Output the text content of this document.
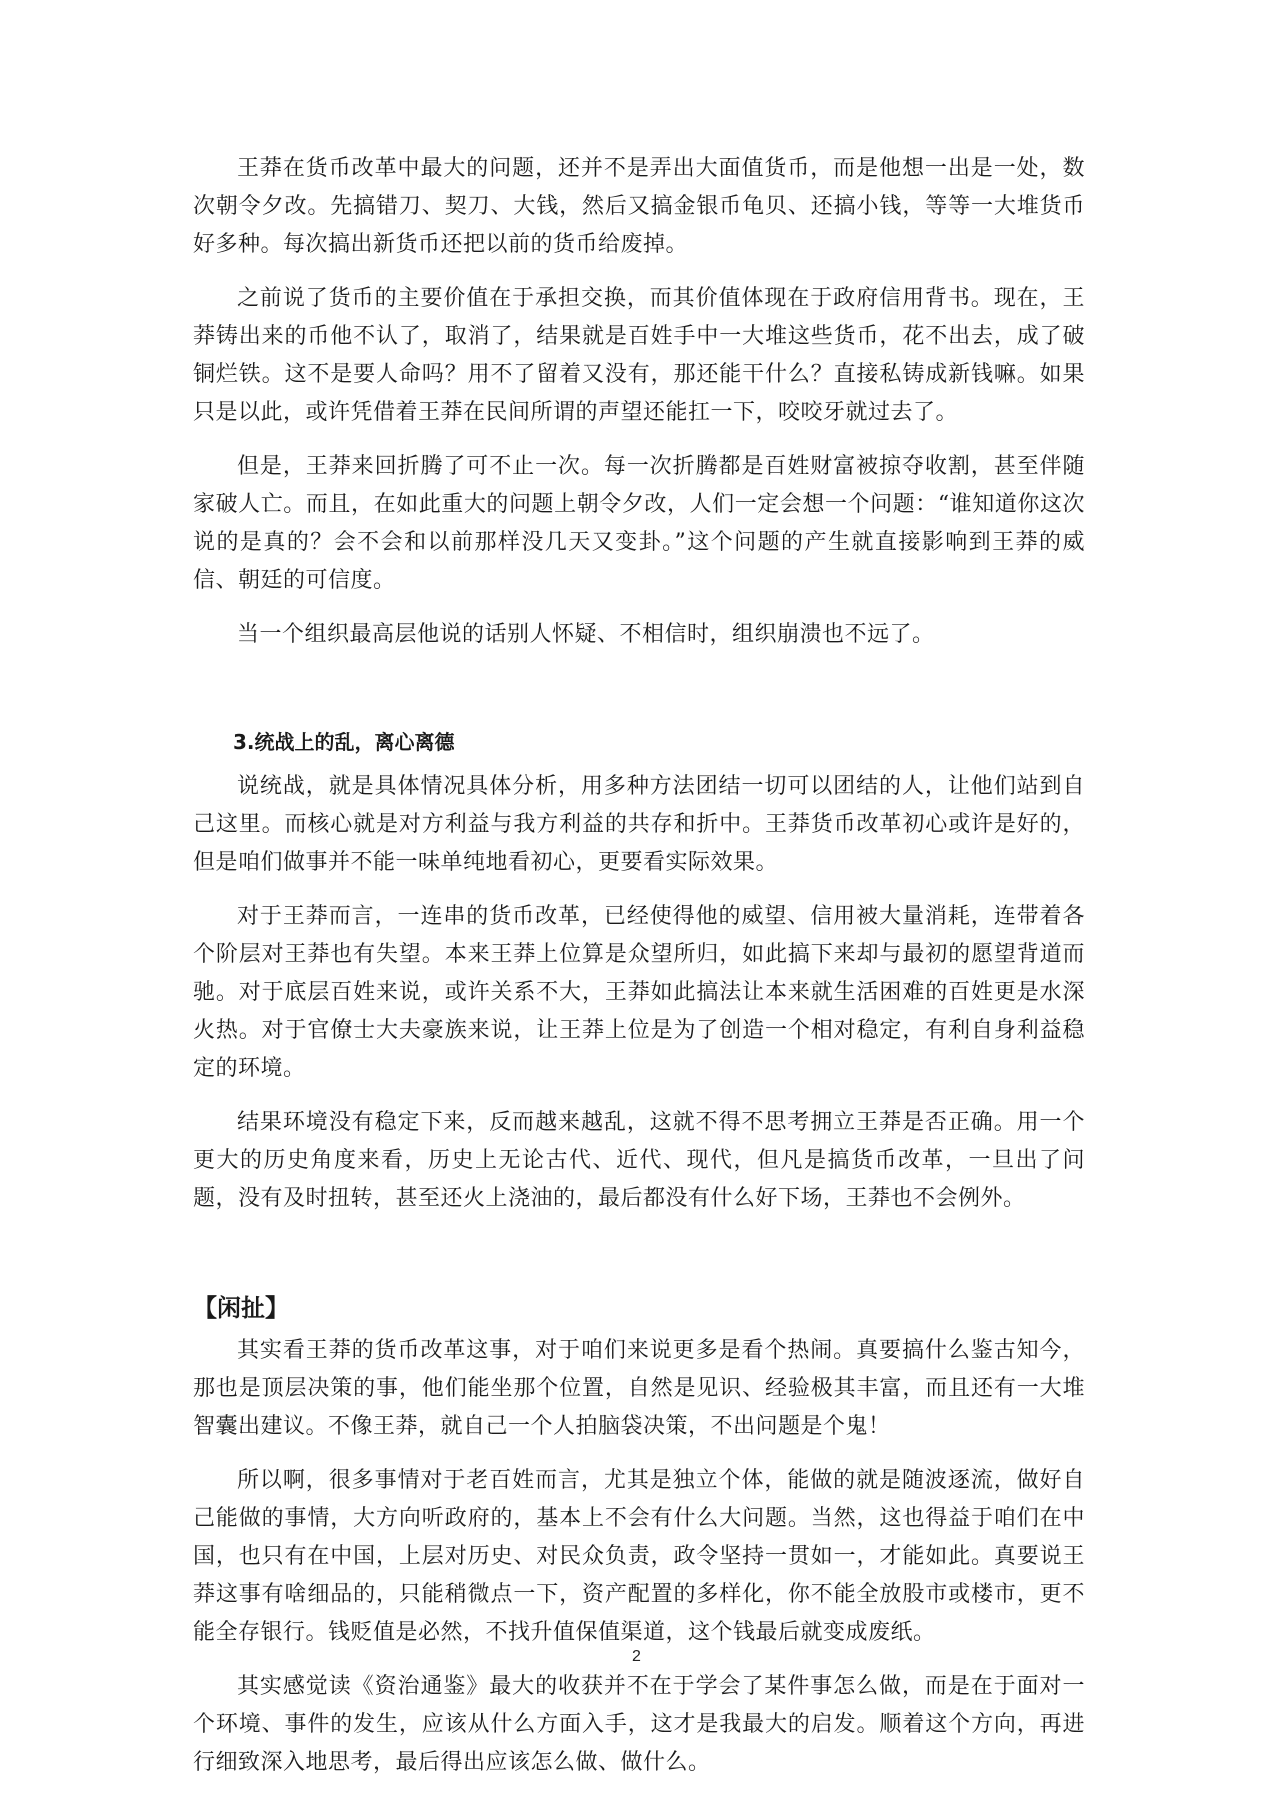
王莽在货币改革中最大的问题，还并不是弄出大面值货币，而是他想一出是一处，数次朝令夕改。先搞错刀、契刀、大钱，然后又搞金银币龟贝、还搞小钱，等等一大堆货币好多种。每次搞出新货币还把以前的货币给废掉。

之前说了货币的主要价值在于承担交换，而其价值体现在于政府信用背书。现在，王莽铸出来的币他不认了，取消了，结果就是百姓手中一大堆这些货币，花不出去，成了破铜烂铁。这不是要人命吗？用不了留着又没有，那还能干什么？直接私铸成新钱嘛。如果只是以此，或许凭借着王莽在民间所谓的声望还能扛一下，咬咬牙就过去了。

但是，王莽来回折腾了可不止一次。每一次折腾都是百姓财富被掠夺收割，甚至伴随家破人亡。而且，在如此重大的问题上朝令夕改，人们一定会想一个问题：“谁知道你这次说的是真的？会不会和以前那样没几天又变卦。”这个问题的产生就直接影响到王莽的威信、朝廷的可信度。

当一个组织最高层他说的话别人怀疑、不相信时，组织崩溃也不远了。

3.统战上的乱，离心离德

说统战，就是具体情况具体分析，用多种方法团结一切可以团结的人，让他们站到自己这里。而核心就是对方利益与我方利益的共存和折中。王莽货币改革初心或许是好的，但是咱们做事并不能一味单纯地看初心，更要看实际效果。

对于王莽而言，一连串的货币改革，已经使得他的威望、信用被大量消耗，连带着各个阶层对王莽也有失望。本来王莽上位算是众望所归，如此搞下来却与最初的愿望背道而驰。对于底层百姓来说，或许关系不大，王莽如此搞法让本来就生活困难的百姓更是水深火热。对于官僚士大夫豪族来说，让王莽上位是为了创造一个相对稳定，有利自身利益稳定的环境。

结果环境没有稳定下来，反而越来越乱，这就不得不思考拥立王莽是否正确。用一个更大的历史角度来看，历史上无论古代、近代、现代，但凡是搞货币改革，一旦出了问题，没有及时扭转，甚至还火上浇油的，最后都没有什么好下场，王莽也不会例外。

【闲扯】

其实看王莽的货币改革这事，对于咱们来说更多是看个热闹。真要搞什么鉴古知今，那也是顶层决策的事，他们能坐那个位置，自然是见识、经验极其丰富，而且还有一大堆智囊出建议。不像王莽，就自己一个人拍脑袋决策，不出问题是个鬼！

所以啊，很多事情对于老百姓而言，尤其是独立个体，能做的就是随波逐流，做好自己能做的事情，大方向听政府的，基本上不会有什么大问题。当然，这也得益于咱们在中国，也只有在中国，上层对历史、对民众负责，政令坚持一贯如一，才能如此。真要说王莽这事有啥细品的，只能稍微点一下，资产配置的多样化，你不能全放股市或楼市，更不能全存银行。钱贬值是必然，不找升值保值渠道，这个钱最后就变成废纸。

其实感觉读《资治通鉴》最大的收获并不在于学会了某件事怎么做，而是在于面对一个环境、事件的发生，应该从什么方面入手，这才是我最大的启发。顺着这个方向，再进行细致深入地思考，最后得出应该怎么做、做什么。

2
